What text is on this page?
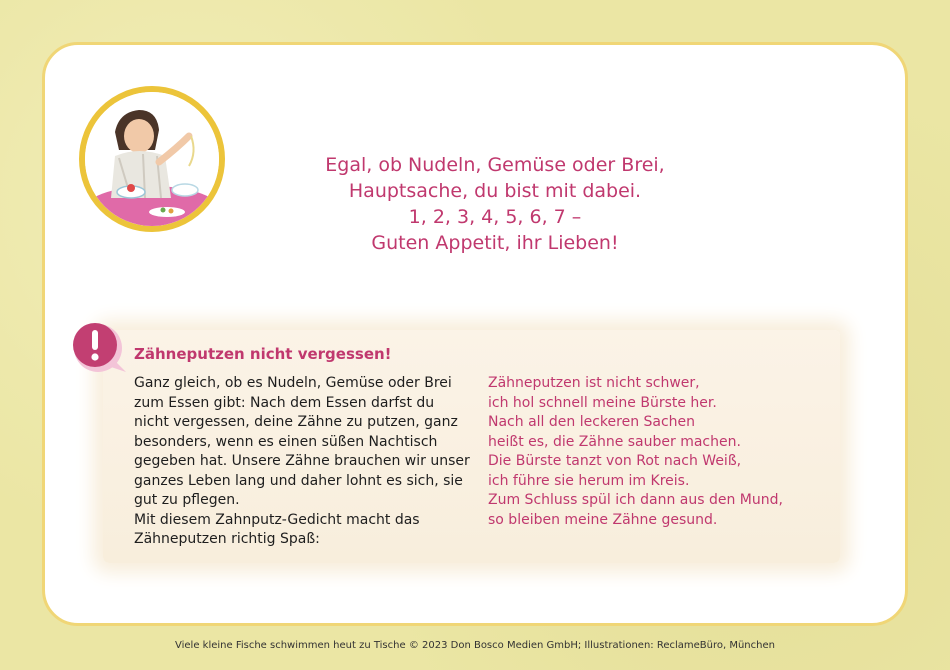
Egal, ob Nudeln, Gemüse oder Brei,
Hauptsache, du bist mit dabei.
1, 2, 3, 4, 5, 6, 7 –
Guten Appetit, ihr Lieben!
Zähneputzen nicht vergessen!
Ganz gleich, ob es Nudeln, Gemüse oder Brei
zum Essen gibt: Nach dem Essen darfst du
nicht vergessen, deine Zähne zu putzen, ganz
besonders, wenn es einen süßen Nachtisch
gegeben hat. Unsere Zähne brauchen wir unser
ganzes Leben lang und daher lohnt es sich, sie
gut zu pflegen.
Mit diesem Zahnputz-Gedicht macht das
Zähneputzen richtig Spaß:
Zähneputzen ist nicht schwer,
ich hol schnell meine Bürste her.
Nach all den leckeren Sachen
heißt es, die Zähne sauber machen.
Die Bürste tanzt von Rot nach Weiß,
ich führe sie herum im Kreis.
Zum Schluss spül ich dann aus den Mund,
so bleiben meine Zähne gesund.
Viele kleine Fische schwimmen heut zu Tische © 2023 Don Bosco Medien GmbH; Illustrationen: ReclameBüro, München
